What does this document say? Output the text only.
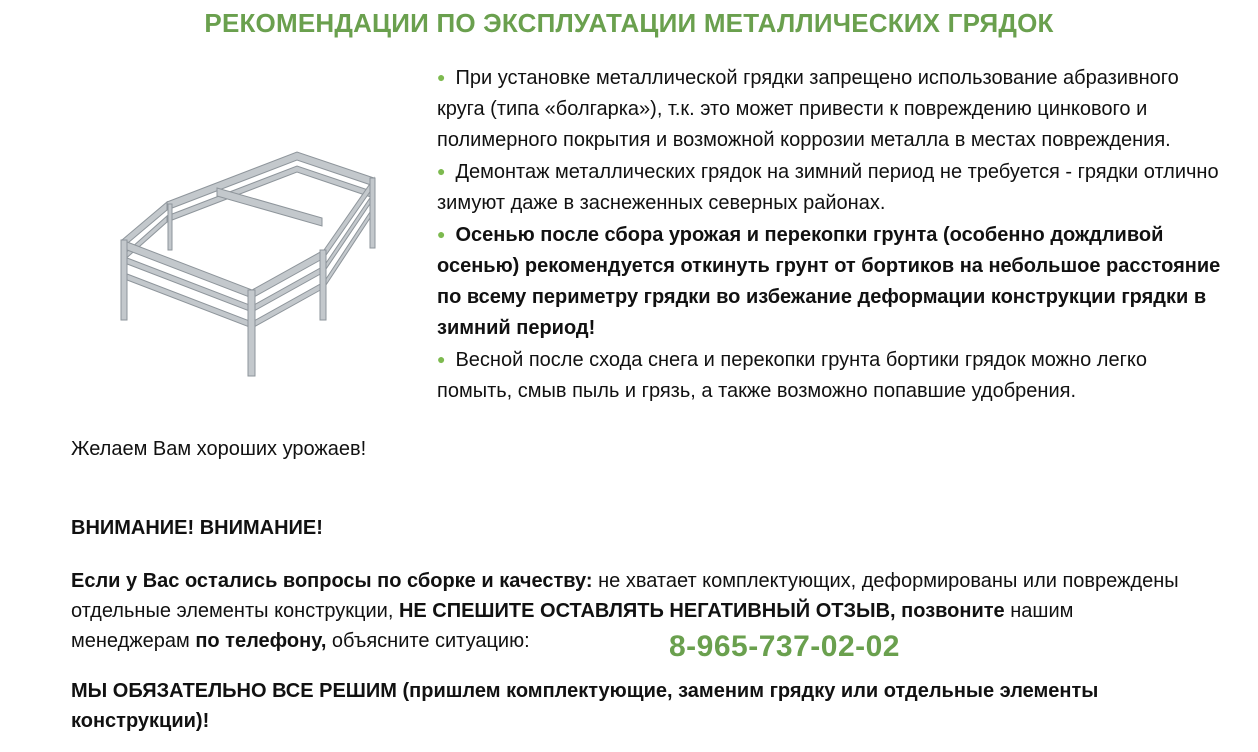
РЕКОМЕНДАЦИИ ПО ЭКСПЛУАТАЦИИ МЕТАЛЛИЧЕСКИХ ГРЯДОК

● При установке металлической грядки запрещено использование абразивного круга (типа «болгарка»), т.к. это может привести к повреждению цинкового и полимерного покрытия и возможной коррозии металла в местах повреждения.

● Демонтаж металлических грядок на зимний период не требуется - грядки отлично зимуют даже в заснеженных северных районах.

● Осенью после сбора урожая и перекопки грунта (особенно дождливой осенью) рекомендуется откинуть грунт от бортиков на небольшое расстояние по всему периметру грядки во избежание деформации конструкции грядки в зимний период!

● Весной после схода снега и перекопки грунта бортики грядок можно легко помыть, смыв пыль и грязь, а также возможно попавшие удобрения.

Желаем Вам хороших урожаев!
ВНИМАНИЕ! ВНИМАНИЕ!
Если у Вас остались вопросы по сборке и качеству: не хватает комплектующих, деформированы или повреждены отдельные элементы конструкции, НЕ СПЕШИТЕ ОСТАВЛЯТЬ НЕГАТИВНЫЙ ОТЗЫВ, позвоните нашим менеджерам по телефону, объясните ситуацию:	8-965-737-02-02
МЫ ОБЯЗАТЕЛЬНО ВСЕ РЕШИМ (пришлем комплектующие, заменим грядку или отдельные элементы конструкции)!
